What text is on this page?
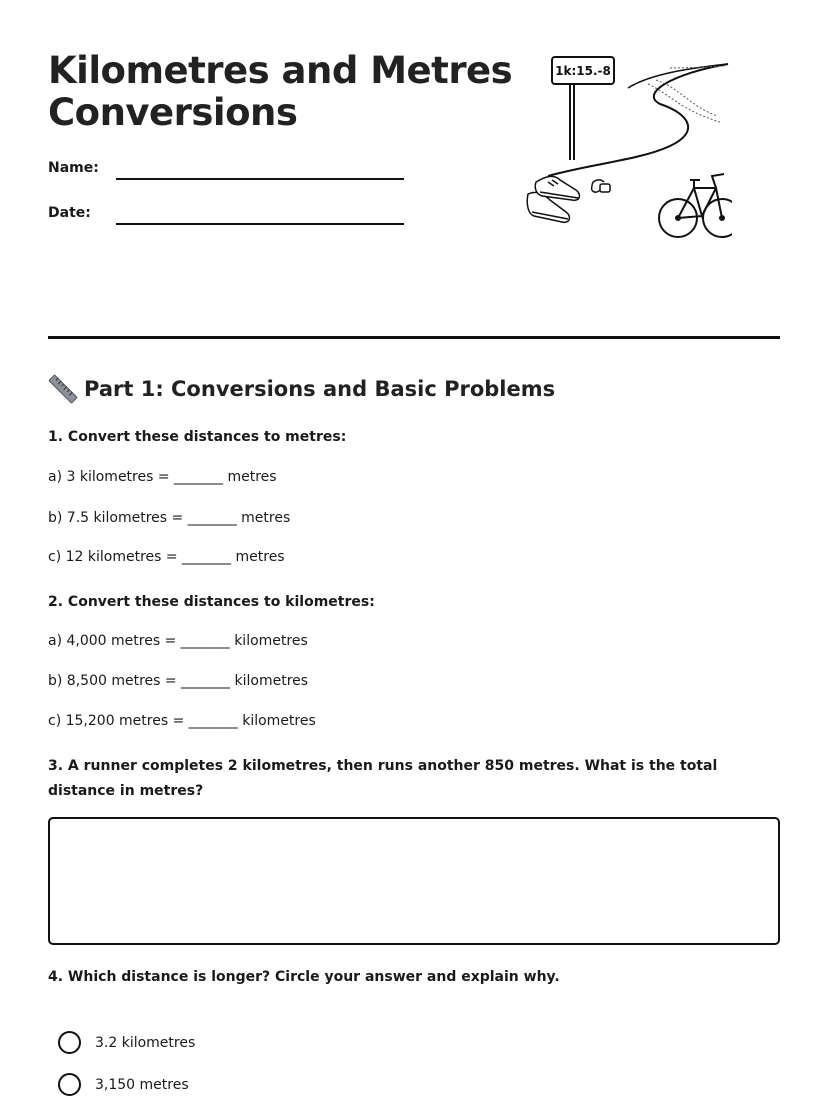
Kilometres and Metres
Conversions
Name:
Date:
1k:15.-8
Part 1: Conversions and Basic Problems
1. Convert these distances to metres:
a) 3 kilometres = _______ metres
b) 7.5 kilometres = _______ metres
c) 12 kilometres = _______ metres
2. Convert these distances to kilometres:
a) 4,000 metres = _______ kilometres
b) 8,500 metres = _______ kilometres
c) 15,200 metres = _______ kilometres
3. A runner completes 2 kilometres, then runs another 850 metres. What is the total distance in metres?
4. Which distance is longer? Circle your answer and explain why.
3.2 kilometres
3,150 metres
